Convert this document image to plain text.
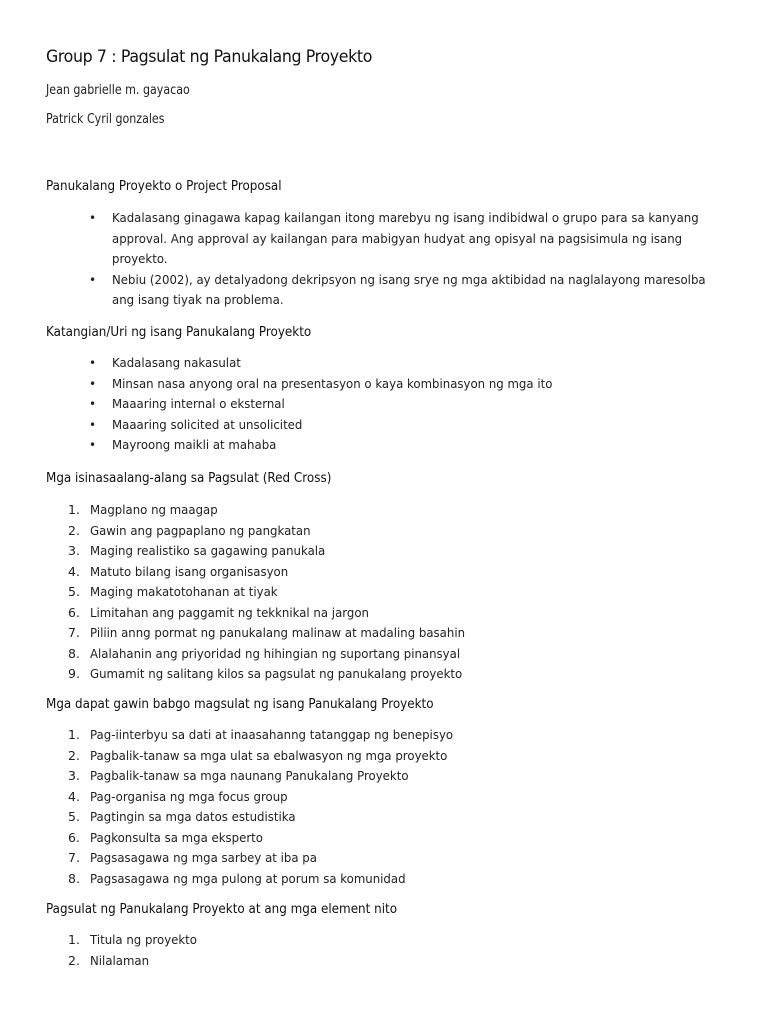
Group 7 : Pagsulat ng Panukalang Proyekto
Jean gabrielle m. gayacao
Patrick Cyril gonzales
Panukalang Proyekto o Project Proposal
• Kadalasang ginagawa kapag kailangan itong marebyu ng isang indibidwal o grupo para sa kanyang
approval. Ang approval ay kailangan para mabigyan hudyat ang opisyal na pagsisimula ng isang
proyekto.
• Nebiu (2002), ay detalyadong dekripsyon ng isang srye ng mga aktibidad na naglalayong maresolba
ang isang tiyak na problema.
Katangian/Uri ng isang Panukalang Proyekto
• Kadalasang nakasulat
• Minsan nasa anyong oral na presentasyon o kaya kombinasyon ng mga ito
• Maaaring internal o eksternal
• Maaaring solicited at unsolicited
• Mayroong maikli at mahaba
Mga isinasaalang-alang sa Pagsulat (Red Cross)
1. Magplano ng maagap
2. Gawin ang pagpaplano ng pangkatan
3. Maging realistiko sa gagawing panukala
4. Matuto bilang isang organisasyon
5. Maging makatotohanan at tiyak
6. Limitahan ang paggamit ng tekknikal na jargon
7. Piliin anng pormat ng panukalang malinaw at madaling basahin
8. Alalahanin ang priyoridad ng hihingian ng suportang pinansyal
9. Gumamit ng salitang kilos sa pagsulat ng panukalang proyekto
Mga dapat gawin babgo magsulat ng isang Panukalang Proyekto
1. Pag-iinterbyu sa dati at inaasahanng tatanggap ng benepisyo
2. Pagbalik-tanaw sa mga ulat sa ebalwasyon ng mga proyekto
3. Pagbalik-tanaw sa mga naunang Panukalang Proyekto
4. Pag-organisa ng mga focus group
5. Pagtingin sa mga datos estudistika
6. Pagkonsulta sa mga eksperto
7. Pagsasagawa ng mga sarbey at iba pa
8. Pagsasagawa ng mga pulong at porum sa komunidad
Pagsulat ng Panukalang Proyekto at ang mga element nito
1. Titula ng proyekto
2. Nilalaman
